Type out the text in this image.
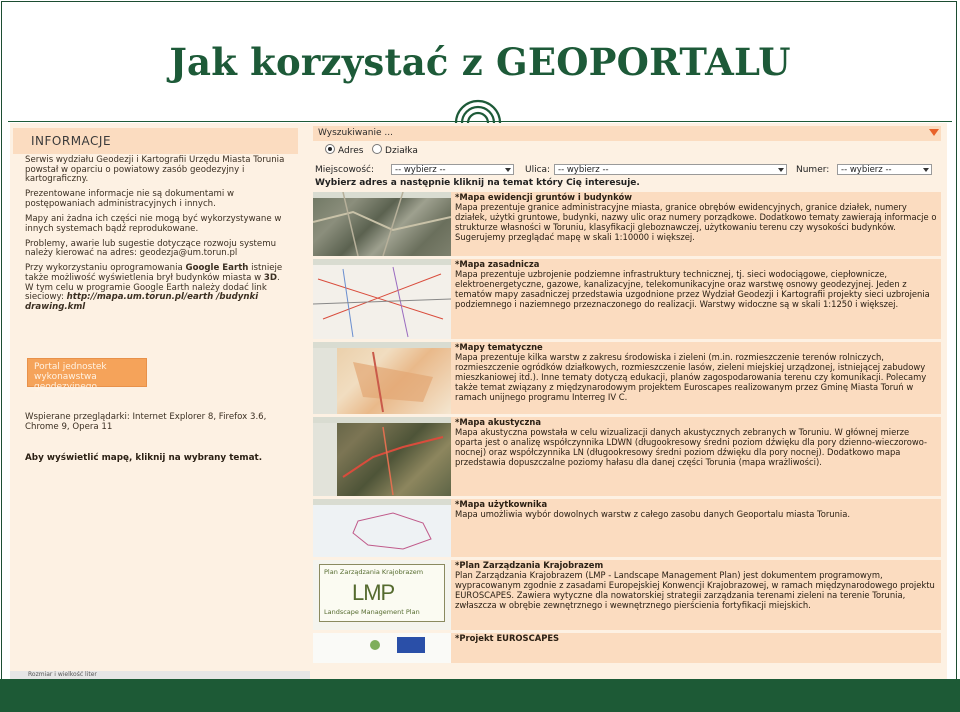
Jak korzystać z GEOPORTALU
INFORMACJE

Serwis wydziału Geodezji i Kartografii Urzędu Miasta Torunia powstał w oparciu o powiatowy zasób geodezyjny i kartograficzny.

Prezentowane informacje nie są dokumentami w postępowaniach administracyjnych i innych.

Mapy ani żadna ich części nie mogą być wykorzystywane w innych systemach bądź reprodukowane.

Problemy, awarie lub sugestie dotyczące rozwoju systemu należy kierować na adres: geodezja@um.torun.pl

Przy wykorzystaniu oprogramowania Google Earth istnieje także możliwość wyświetlenia brył budynków miasta w 3D. W tym celu w programie Google Earth należy dodać link sieciowy: http://mapa.um.torun.pl/earth /budynki drawing.kml

Portal jednostek wykonawstwa geodezyjnego
Wspierane przeglądarki: Internet Explorer 8, Firefox 3.6, Chrome 9, Opera 11
Aby wyświetlić mapę, kliknij na wybrany temat.
Wyszukiwanie ...
Adres Działka
Miejscowość:	-- wybierz --	Ulica: -- wybierz --	Numer:	-- wybierz --
Wybierz adres a następnie kliknij na temat który Cię interesuje.
*Mapa ewidencji gruntów i budynków
Mapa prezentuje granice administracyjne miasta, granice obrębów ewidencyjnych, granice działek, numery działek, użytki gruntowe, budynki, nazwy ulic oraz numery porządkowe. Dodatkowo tematy zawierają informacje o strukturze własności w Toruniu, klasyfikacji gleboznawczej, użytkowaniu terenu czy wysokości budynków. Sugerujemy przeglądać mapę w skali 1:10000 i większej.
*Mapa zasadnicza
Mapa prezentuje uzbrojenie podziemne infrastruktury technicznej, tj. sieci wodociągowe, ciepłownicze, elektroenergetyczne, gazowe, kanalizacyjne, telekomunikacyjne oraz warstwę osnowy geodezyjnej. Jeden z tematów mapy zasadniczej przedstawia uzgodnione przez Wydział Geodezji i Kartografii projekty sieci uzbrojenia podziemnego i naziemnego przeznaczonego do realizacji. Warstwy widoczne są w skali 1:1250 i większej.
*Mapy tematyczne
Mapa prezentuje kilka warstw z zakresu środowiska i zieleni (m.in. rozmieszczenie terenów rolniczych, rozmieszczenie ogródków działkowych, rozmieszczenie lasów, zieleni miejskiej urządzonej, istniejącej zabudowy mieszkaniowej itd.). Inne tematy dotyczą edukacji, planów zagospodarowania terenu czy komunikacji. Polecamy także temat związany z międzynarodowym projektem Euroscapes realizowanym przez Gminę Miasta Toruń w ramach unijnego programu Interreg IV C.
*Mapa akustyczna
Mapa akustyczna powstała w celu wizualizacji danych akustycznych zebranych w Toruniu. W głównej mierze oparta jest o analizę współczynnika LDWN (długookresowy średni poziom dźwięku dla pory dzienno-wieczorowo-nocnej) oraz współczynnika LN (długookresowy średni poziom dźwięku dla pory nocnej). Dodatkowo mapa przedstawia dopuszczalne poziomy hałasu dla danej części Torunia (mapa wrażliwości).
*Mapa użytkownika
Mapa umożliwia wybór dowolnych warstw z całego zasobu danych Geoportalu miasta Torunia.
Plan Zarządzania Krajobrazem
LMP
Landscape Management Plan
*Plan Zarządzania Krajobrazem
Plan Zarządzania Krajobrazem (LMP - Landscape Management Plan) jest dokumentem programowym, wypracowanym zgodnie z zasadami Europejskiej Konwencji Krajobrazowej, w ramach międzynarodowego projektu EUROSCAPES. Zawiera wytyczne dla nowatorskiej strategii zarządzania terenami zieleni na terenie Torunia, zwłaszcza w obrębie zewnętrznego i wewnętrznego pierścienia fortyfikacji miejskich.
*Projekt EUROSCAPES
Rozmiar i wielkość liter
